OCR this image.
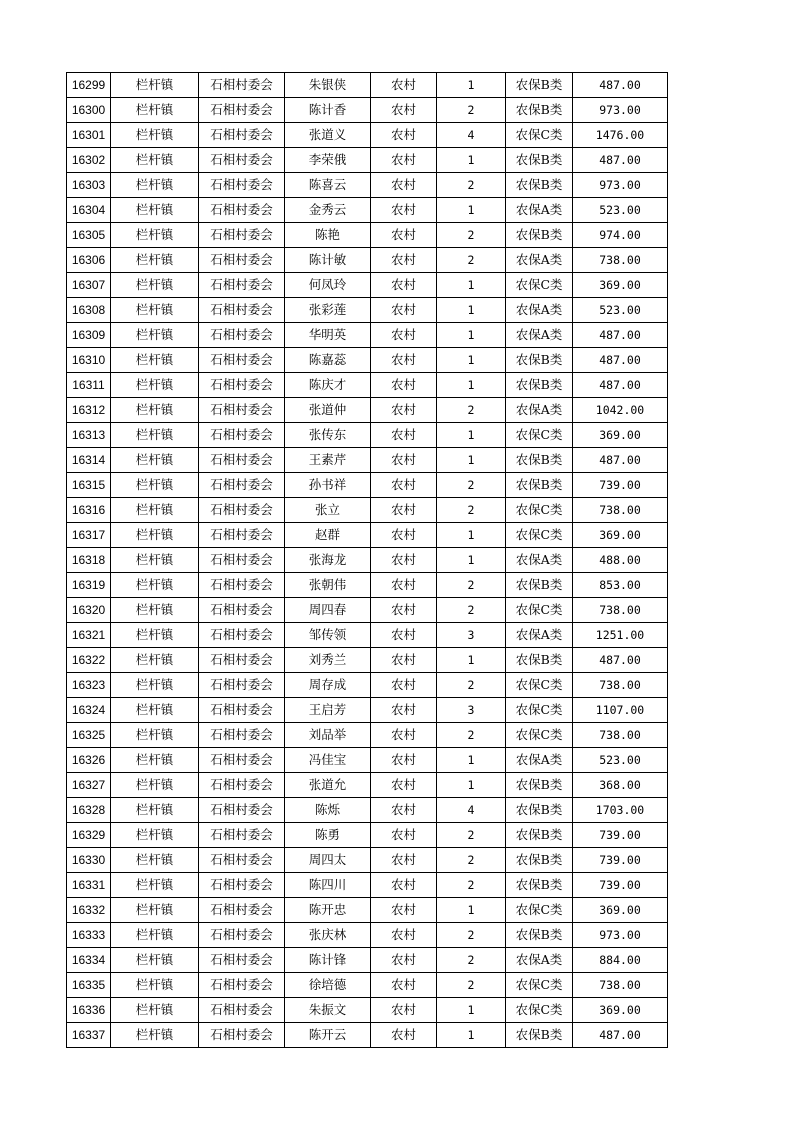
16299	栏杆镇	石相村委会	朱银侠	农村	1	农保B类	487.00
16300	栏杆镇	石相村委会	陈计香	农村	2	农保B类	973.00
16301	栏杆镇	石相村委会	张道义	农村	4	农保C类	1476.00
16302	栏杆镇	石相村委会	李荣俄	农村	1	农保B类	487.00
16303	栏杆镇	石相村委会	陈喜云	农村	2	农保B类	973.00
16304	栏杆镇	石相村委会	金秀云	农村	1	农保A类	523.00
16305	栏杆镇	石相村委会	陈艳	农村	2	农保B类	974.00
16306	栏杆镇	石相村委会	陈计敏	农村	2	农保A类	738.00
16307	栏杆镇	石相村委会	何凤玲	农村	1	农保C类	369.00
16308	栏杆镇	石相村委会	张彩莲	农村	1	农保A类	523.00
16309	栏杆镇	石相村委会	华明英	农村	1	农保A类	487.00
16310	栏杆镇	石相村委会	陈嘉蕊	农村	1	农保B类	487.00
16311	栏杆镇	石相村委会	陈庆才	农村	1	农保B类	487.00
16312	栏杆镇	石相村委会	张道仲	农村	2	农保A类	1042.00
16313	栏杆镇	石相村委会	张传东	农村	1	农保C类	369.00
16314	栏杆镇	石相村委会	王素芹	农村	1	农保B类	487.00
16315	栏杆镇	石相村委会	孙书祥	农村	2	农保B类	739.00
16316	栏杆镇	石相村委会	张立	农村	2	农保C类	738.00
16317	栏杆镇	石相村委会	赵群	农村	1	农保C类	369.00
16318	栏杆镇	石相村委会	张海龙	农村	1	农保A类	488.00
16319	栏杆镇	石相村委会	张朝伟	农村	2	农保B类	853.00
16320	栏杆镇	石相村委会	周四春	农村	2	农保C类	738.00
16321	栏杆镇	石相村委会	邹传领	农村	3	农保A类	1251.00
16322	栏杆镇	石相村委会	刘秀兰	农村	1	农保B类	487.00
16323	栏杆镇	石相村委会	周存成	农村	2	农保C类	738.00
16324	栏杆镇	石相村委会	王启芳	农村	3	农保C类	1107.00
16325	栏杆镇	石相村委会	刘品举	农村	2	农保C类	738.00
16326	栏杆镇	石相村委会	冯佳宝	农村	1	农保A类	523.00
16327	栏杆镇	石相村委会	张道允	农村	1	农保B类	368.00
16328	栏杆镇	石相村委会	陈烁	农村	4	农保B类	1703.00
16329	栏杆镇	石相村委会	陈勇	农村	2	农保B类	739.00
16330	栏杆镇	石相村委会	周四太	农村	2	农保B类	739.00
16331	栏杆镇	石相村委会	陈四川	农村	2	农保B类	739.00
16332	栏杆镇	石相村委会	陈开忠	农村	1	农保C类	369.00
16333	栏杆镇	石相村委会	张庆林	农村	2	农保B类	973.00
16334	栏杆镇	石相村委会	陈计锋	农村	2	农保A类	884.00
16335	栏杆镇	石相村委会	徐培德	农村	2	农保C类	738.00
16336	栏杆镇	石相村委会	朱振文	农村	1	农保C类	369.00
16337	栏杆镇	石相村委会	陈开云	农村	1	农保B类	487.00
